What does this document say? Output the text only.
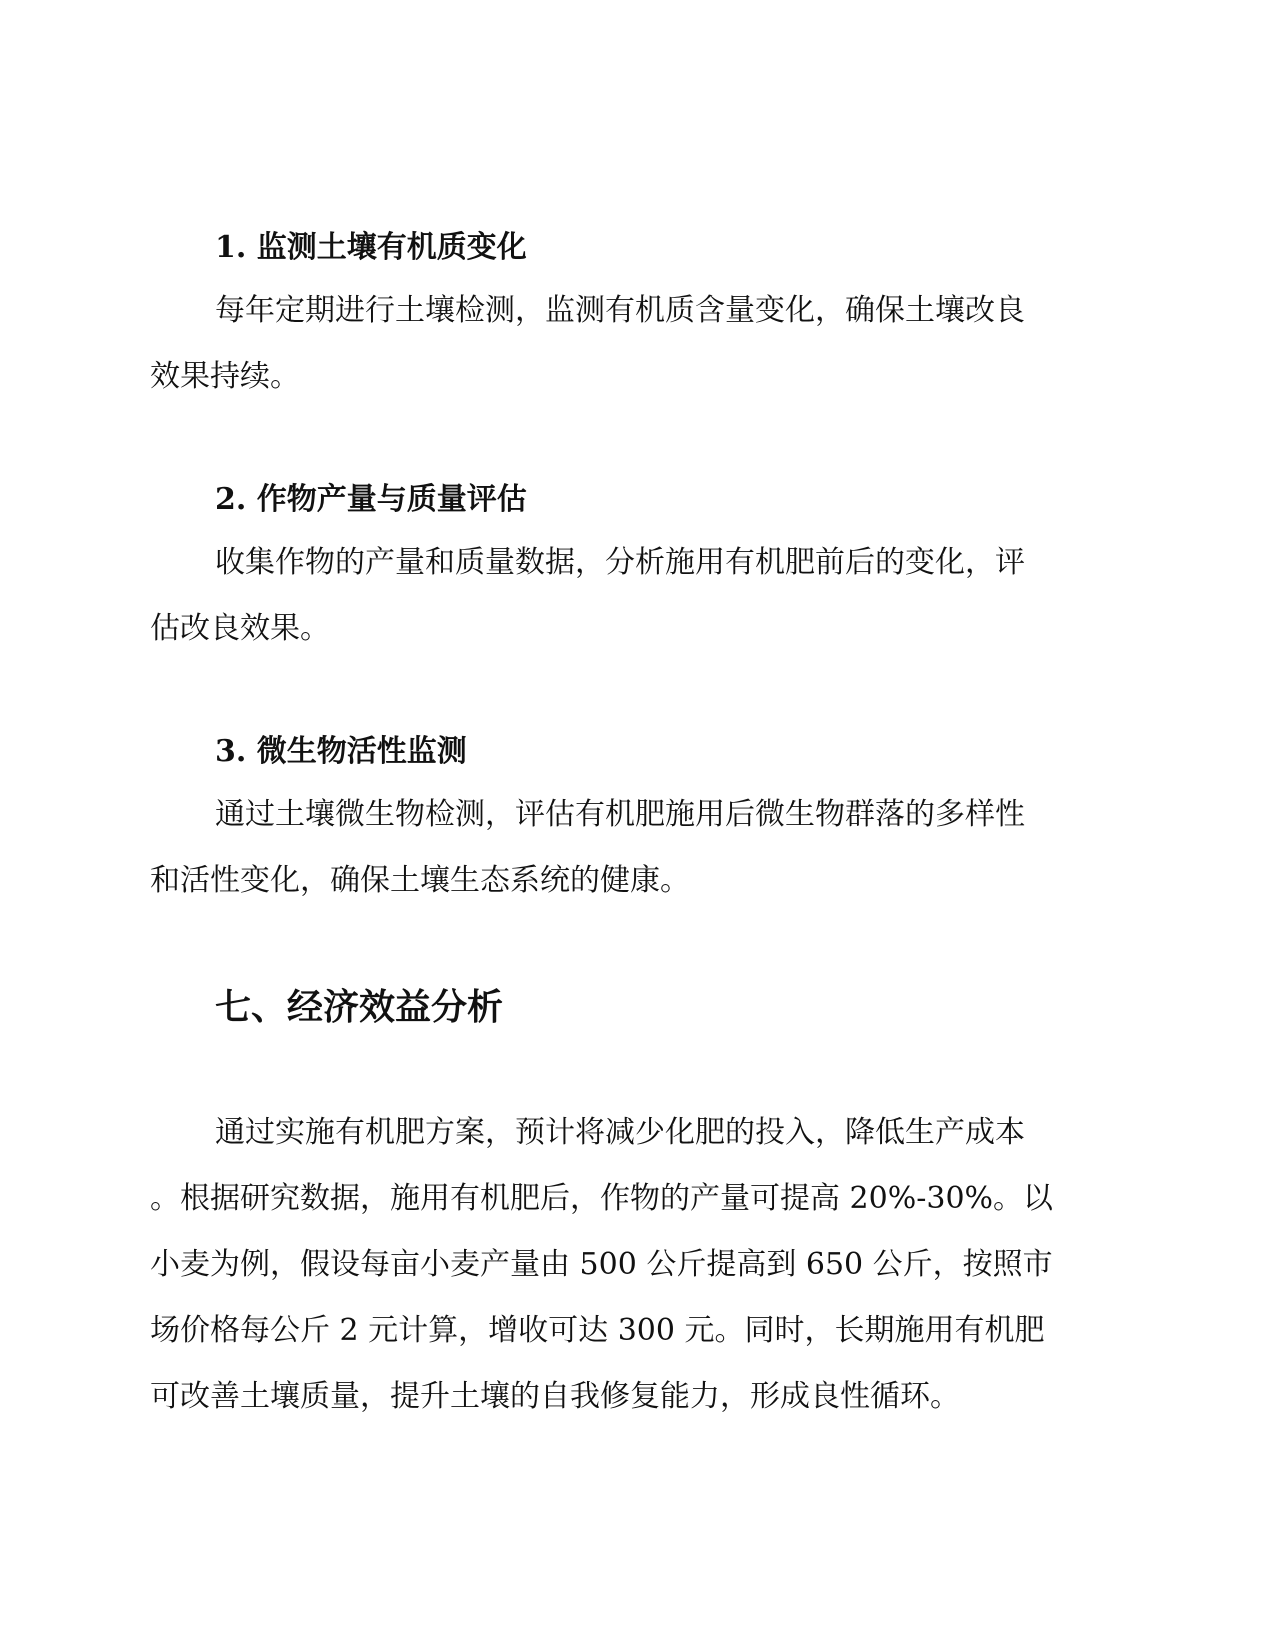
1. 监测土壤有机质变化

每年定期进行土壤检测，监测有机质含量变化，确保土壤改良
效果持续。

2. 作物产量与质量评估

收集作物的产量和质量数据，分析施用有机肥前后的变化，评
估改良效果。

3. 微生物活性监测

通过土壤微生物检测，评估有机肥施用后微生物群落的多样性
和活性变化，确保土壤生态系统的健康。

七、经济效益分析

通过实施有机肥方案，预计将减少化肥的投入，降低生产成本
。根据研究数据，施用有机肥后，作物的产量可提高 20%-30%。以
小麦为例，假设每亩小麦产量由 500 公斤提高到 650 公斤，按照市
场价格每公斤 2 元计算，增收可达 300 元。同时，长期施用有机肥
可改善土壤质量，提升土壤的自我修复能力，形成良性循环。
